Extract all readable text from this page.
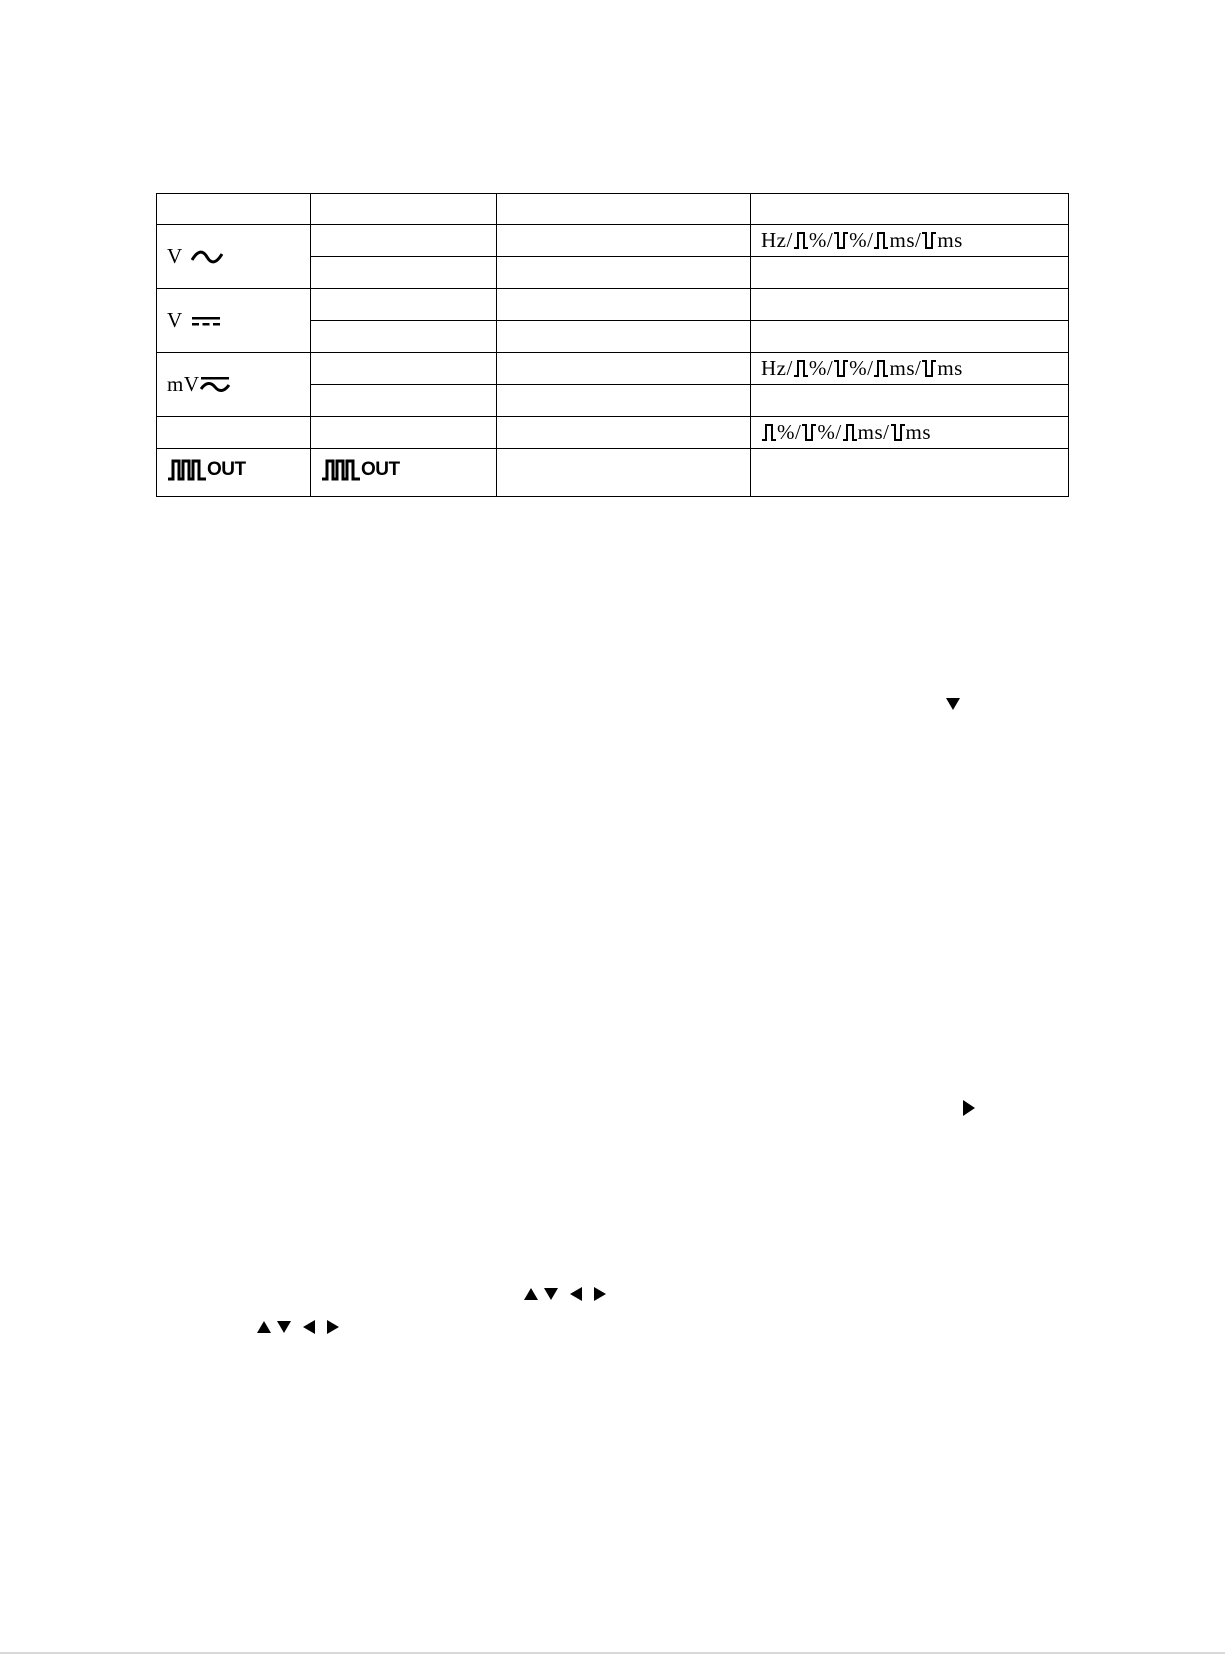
V			Hz/ %/ %/ ms/ ms

V			

mV			Hz/ %/ %/ ms/ ms

			%/ %/ ms/ ms

OUT	OUT		
